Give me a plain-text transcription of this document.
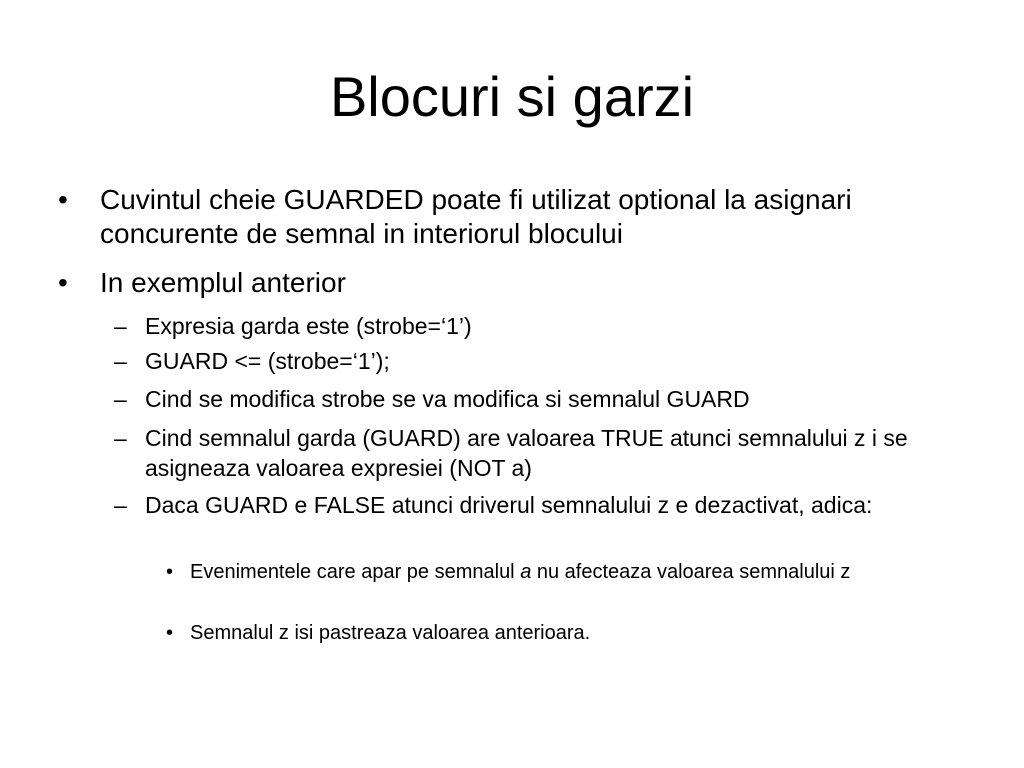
Blocuri si garzi
• Cuvintul cheie GUARDED poate fi utilizat optional la asignari concurente de semnal in interiorul blocului

• In exemplul anterior

– Expresia garda este (strobe=‘1’)

– GUARD <= (strobe=‘1’);

– Cind se modifica strobe se va modifica si semnalul GUARD

– Cind semnalul garda (GUARD) are valoarea TRUE atunci semnalului z i se asigneaza valoarea expresiei (NOT a)

– Daca GUARD e FALSE atunci driverul semnalului z e dezactivat, adica:

• Evenimentele care apar pe semnalul a nu afecteaza valoarea semnalului z

• Semnalul z isi pastreaza valoarea anterioara.
